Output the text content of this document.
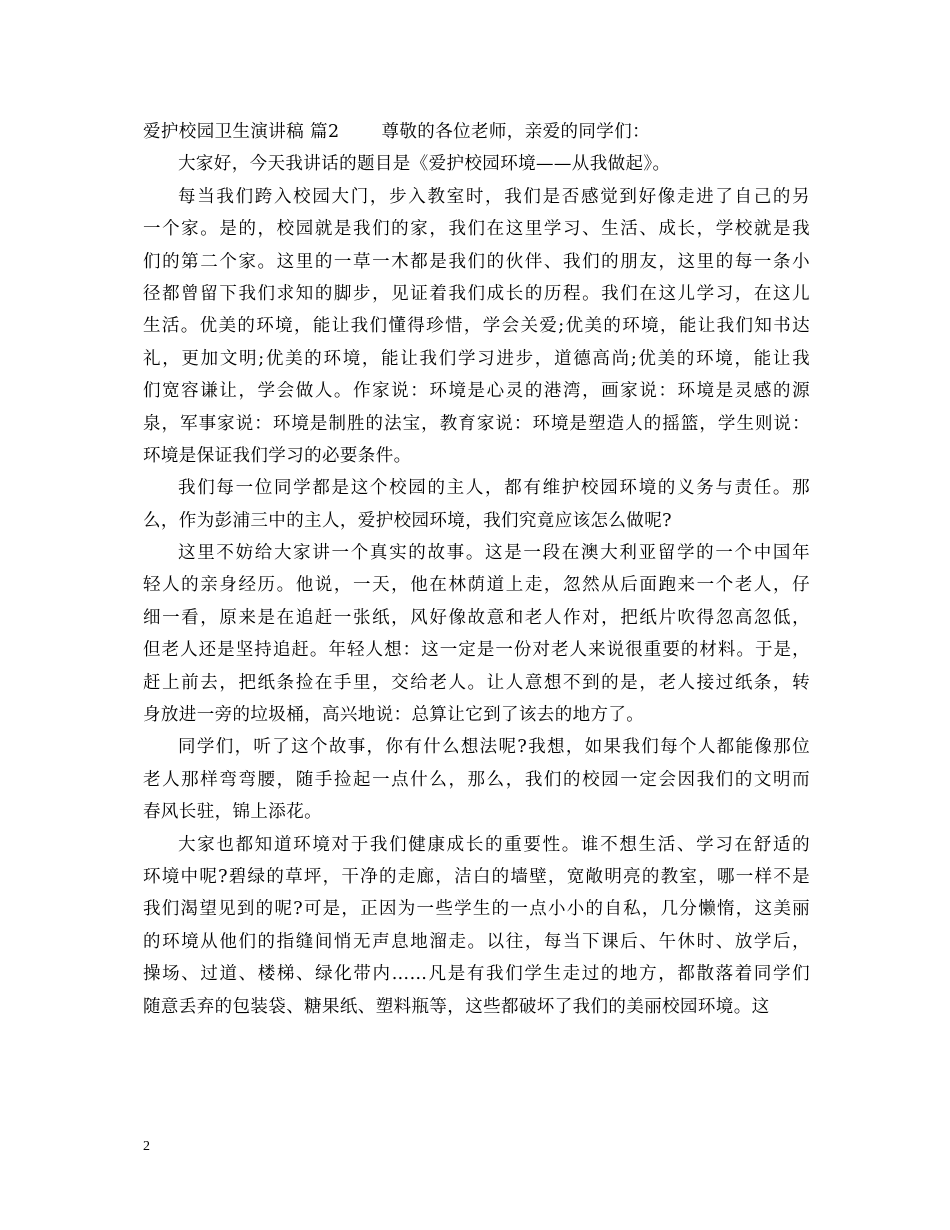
爱护校园卫生演讲稿 篇2 尊敬的各位老师，亲爱的同学们：
大家好，今天我讲话的题目是《爱护校园环境——从我做起》。
每当我们跨入校园大门，步入教室时，我们是否感觉到好像走进了自己的另
一个家。是的，校园就是我们的家，我们在这里学习、生活、成长，学校就是我
们的第二个家。这里的一草一木都是我们的伙伴、我们的朋友，这里的每一条小
径都曾留下我们求知的脚步，见证着我们成长的历程。我们在这儿学习，在这儿
生活。优美的环境，能让我们懂得珍惜，学会关爱;优美的环境，能让我们知书达
礼，更加文明;优美的环境，能让我们学习进步，道德高尚;优美的环境，能让我
们宽容谦让，学会做人。作家说：环境是心灵的港湾，画家说：环境是灵感的源
泉，军事家说：环境是制胜的法宝，教育家说：环境是塑造人的摇篮，学生则说：
环境是保证我们学习的必要条件。
我们每一位同学都是这个校园的主人，都有维护校园环境的义务与责任。那
么，作为彭浦三中的主人，爱护校园环境，我们究竟应该怎么做呢?
这里不妨给大家讲一个真实的故事。这是一段在澳大利亚留学的一个中国年
轻人的亲身经历。他说，一天，他在林荫道上走，忽然从后面跑来一个老人，仔
细一看，原来是在追赶一张纸，风好像故意和老人作对，把纸片吹得忽高忽低，
但老人还是坚持追赶。年轻人想：这一定是一份对老人来说很重要的材料。于是，
赶上前去，把纸条捡在手里，交给老人。让人意想不到的是，老人接过纸条，转
身放进一旁的垃圾桶，高兴地说：总算让它到了该去的地方了。
同学们，听了这个故事，你有什么想法呢?我想，如果我们每个人都能像那位
老人那样弯弯腰，随手捡起一点什么，那么，我们的校园一定会因我们的文明而
春风长驻，锦上添花。
大家也都知道环境对于我们健康成长的重要性。谁不想生活、学习在舒适的
环境中呢?碧绿的草坪，干净的走廊，洁白的墙壁，宽敞明亮的教室，哪一样不是
我们渴望见到的呢?可是，正因为一些学生的一点小小的自私，几分懒惰，这美丽
的环境从他们的指缝间悄无声息地溜走。以往，每当下课后、午休时、放学后，
操场、过道、楼梯、绿化带内……凡是有我们学生走过的地方，都散落着同学们
随意丢弃的包装袋、糖果纸、塑料瓶等，这些都破坏了我们的美丽校园环境。这
2
